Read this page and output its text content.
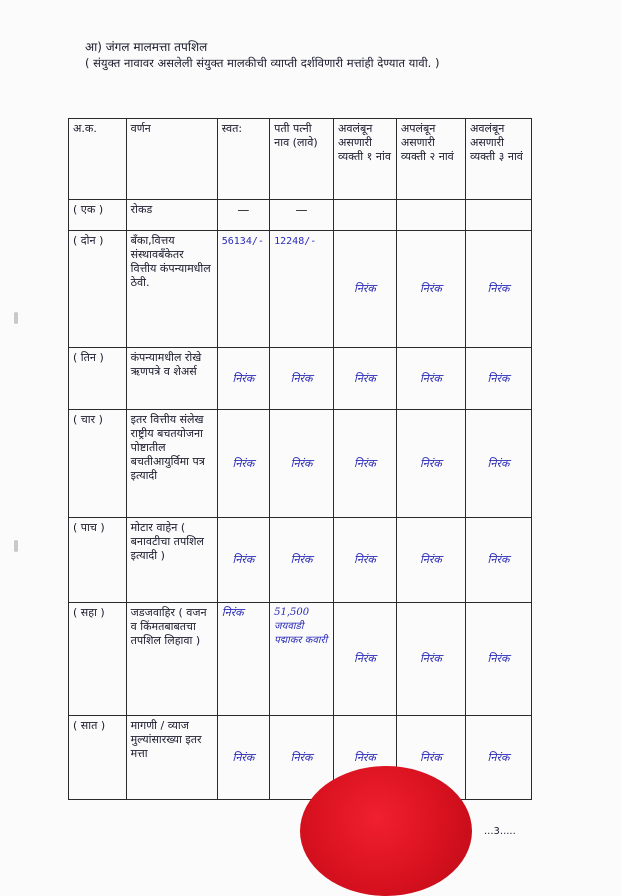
आ) जंगल मालमत्ता तपशिल
( संयुक्त नावावर असलेली संयुक्त मालकीची व्याप्ती दर्शविणारी मत्तांही देण्यात यावी. )
अ.क.	वर्णन	स्वत:	पती पत्नी नाव (लावे)	अवलंबून असणारी व्यक्ती १ नांव	अपलंबून असणारी व्यक्ती २ नावं	अवलंबून असणारी व्यक्ती ३ नावं
( एक )	रोकड	—	—			

( दोन )	बँका,वित्तय संस्थावबँकेतर वित्तीय कंपन्यामधील ठेवी.	56134/-	12248/-	निरंक	निरंक	निरंक
( तिन )	कंपन्यामधील रोखे ऋणपत्रे व शेअर्स	निरंक	निरंक	निरंक	निरंक	निरंक
( चार )	इतर वित्तीय संलेख राष्ट्रीय बचतयोजना पोष्टातील बचतीआयुर्विमा पत्र इत्यादी	निरंक	निरंक	निरंक	निरंक	निरंक
( पाच )	मोटार वाहेन ( बनावटीचा तपशिल इत्यादी )	निरंक	निरंक	निरंक	निरंक	निरंक
( सहा )	जडजवाहिर ( वजन व किंमतबाबतचा तपशिल लिहावा )	निरंक	51,500 जयवाडी पद्माकर कवारी	निरंक	निरंक	निरंक
( सात )	मागणी / व्याज मुल्यांसारख्या इतर मत्ता	निरंक	निरंक	निरंक	निरंक	निरंक
...3.....
